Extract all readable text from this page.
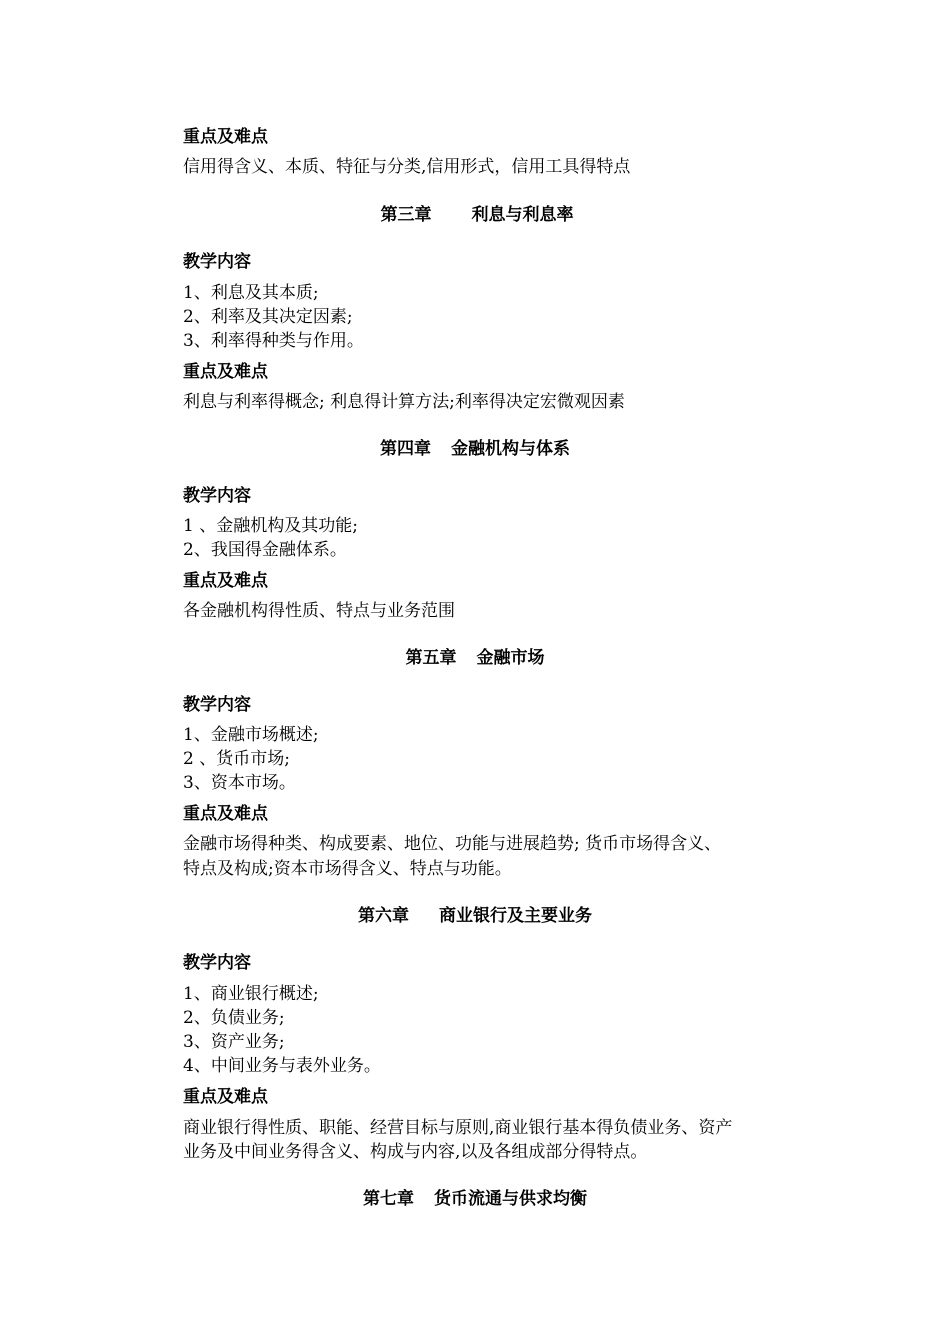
重点及难点
信用得含义、本质、特征与分类,信用形式，信用工具得特点
第三章 利息与利息率
教学内容
1、利息及其本质;
2、利率及其决定因素;
3、利率得种类与作用。
重点及难点
利息与利率得概念; 利息得计算方法;利率得决定宏微观因素
第四章 金融机构与体系
教学内容
1 、金融机构及其功能;
2、我国得金融体系。
重点及难点
各金融机构得性质、特点与业务范围
第五章 金融市场
教学内容
1、金融市场概述;
2 、货币市场;
3、资本市场。
重点及难点
金融市场得种类、构成要素、地位、功能与进展趋势; 货币市场得含义、
特点及构成;资本市场得含义、特点与功能。
第六章 商业银行及主要业务
教学内容
1、商业银行概述;
2、负债业务;
3、资产业务;
4、中间业务与表外业务。
重点及难点
商业银行得性质、职能、经营目标与原则,商业银行基本得负债业务、资产
业务及中间业务得含义、构成与内容,以及各组成部分得特点。
第七章 货币流通与供求均衡
